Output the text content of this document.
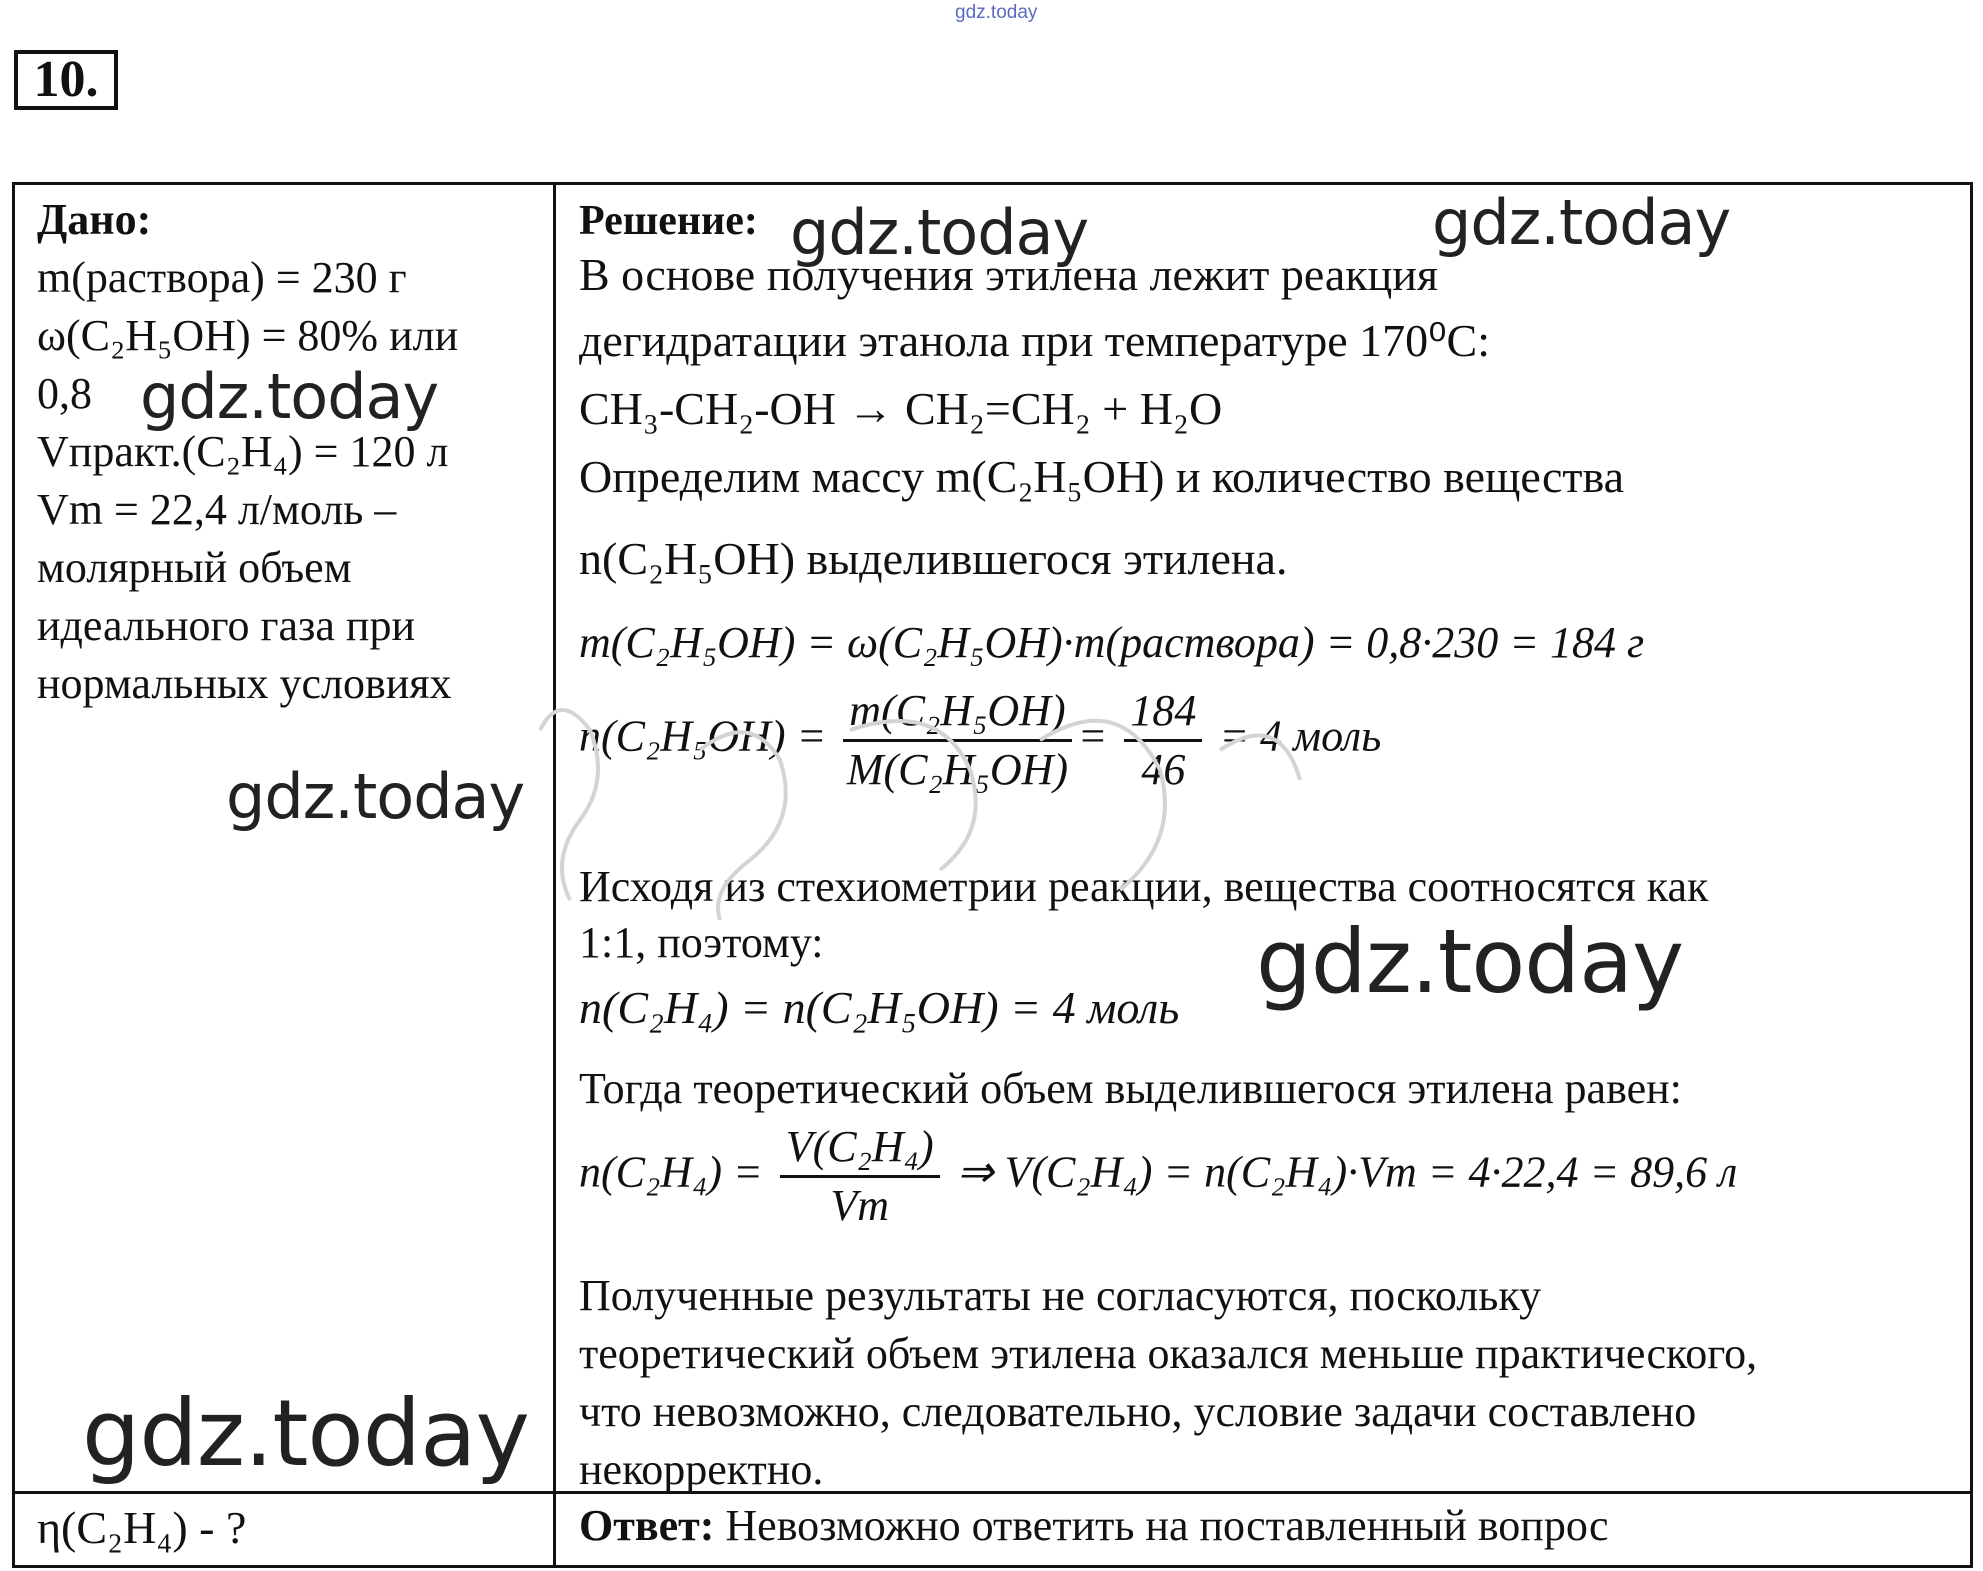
gdz.today
10.
Дано:
m(раствора) = 230 г
ω(C₂H₅OH) = 80% или
0,8
Vпракт.(C₂H₄) = 120 л
Vm = 22,4 л/моль –
молярный объем
идеального газа при
нормальных условиях
η(C₂H₄) - ?
Решение:
В основе получения этилена лежит реакция
дегидратации этанола при температуре 170⁰C:
CH₃-CH₂-OH → CH₂=CH₂ + H₂O
Определим массу m(C₂H₅OH) и количество вещества
n(C₂H₅OH) выделившегося этилена.
m(C₂H₅OH) = ω(C₂H₅OH)·m(раствора) = 0,8·230 = 184 г
$n(C_2H_5OH) = \frac{\text{m(C₂H₅OH)}}{\text{M(C₂H₅OH)}} = \frac{184}{46} = 4$ моль
Исходя из стехиометрии реакции, вещества соотносятся как
1:1, поэтому:
n(C₂H₄) = n(C₂H₅OH) = 4 моль
Тогда теоретический объем выделившегося этилена равен:
$n(C_2H_4) = \frac{\text{V(C₂H₄)}}{Vm}$ ⇒ V(C₂H₄) = n(C₂H₄)·Vm = 4·22,4 = 89,6 л
Полученные результаты не согласуются, поскольку
теоретический объем этилена оказался меньше практического,
что невозможно, следовательно, условие задачи составлено
некорректно.
Ответ: Невозможно ответить на поставленный вопрос
gdz.today	gdz.today
gdz.today
gdz.today
gdz.today
gdz.today
